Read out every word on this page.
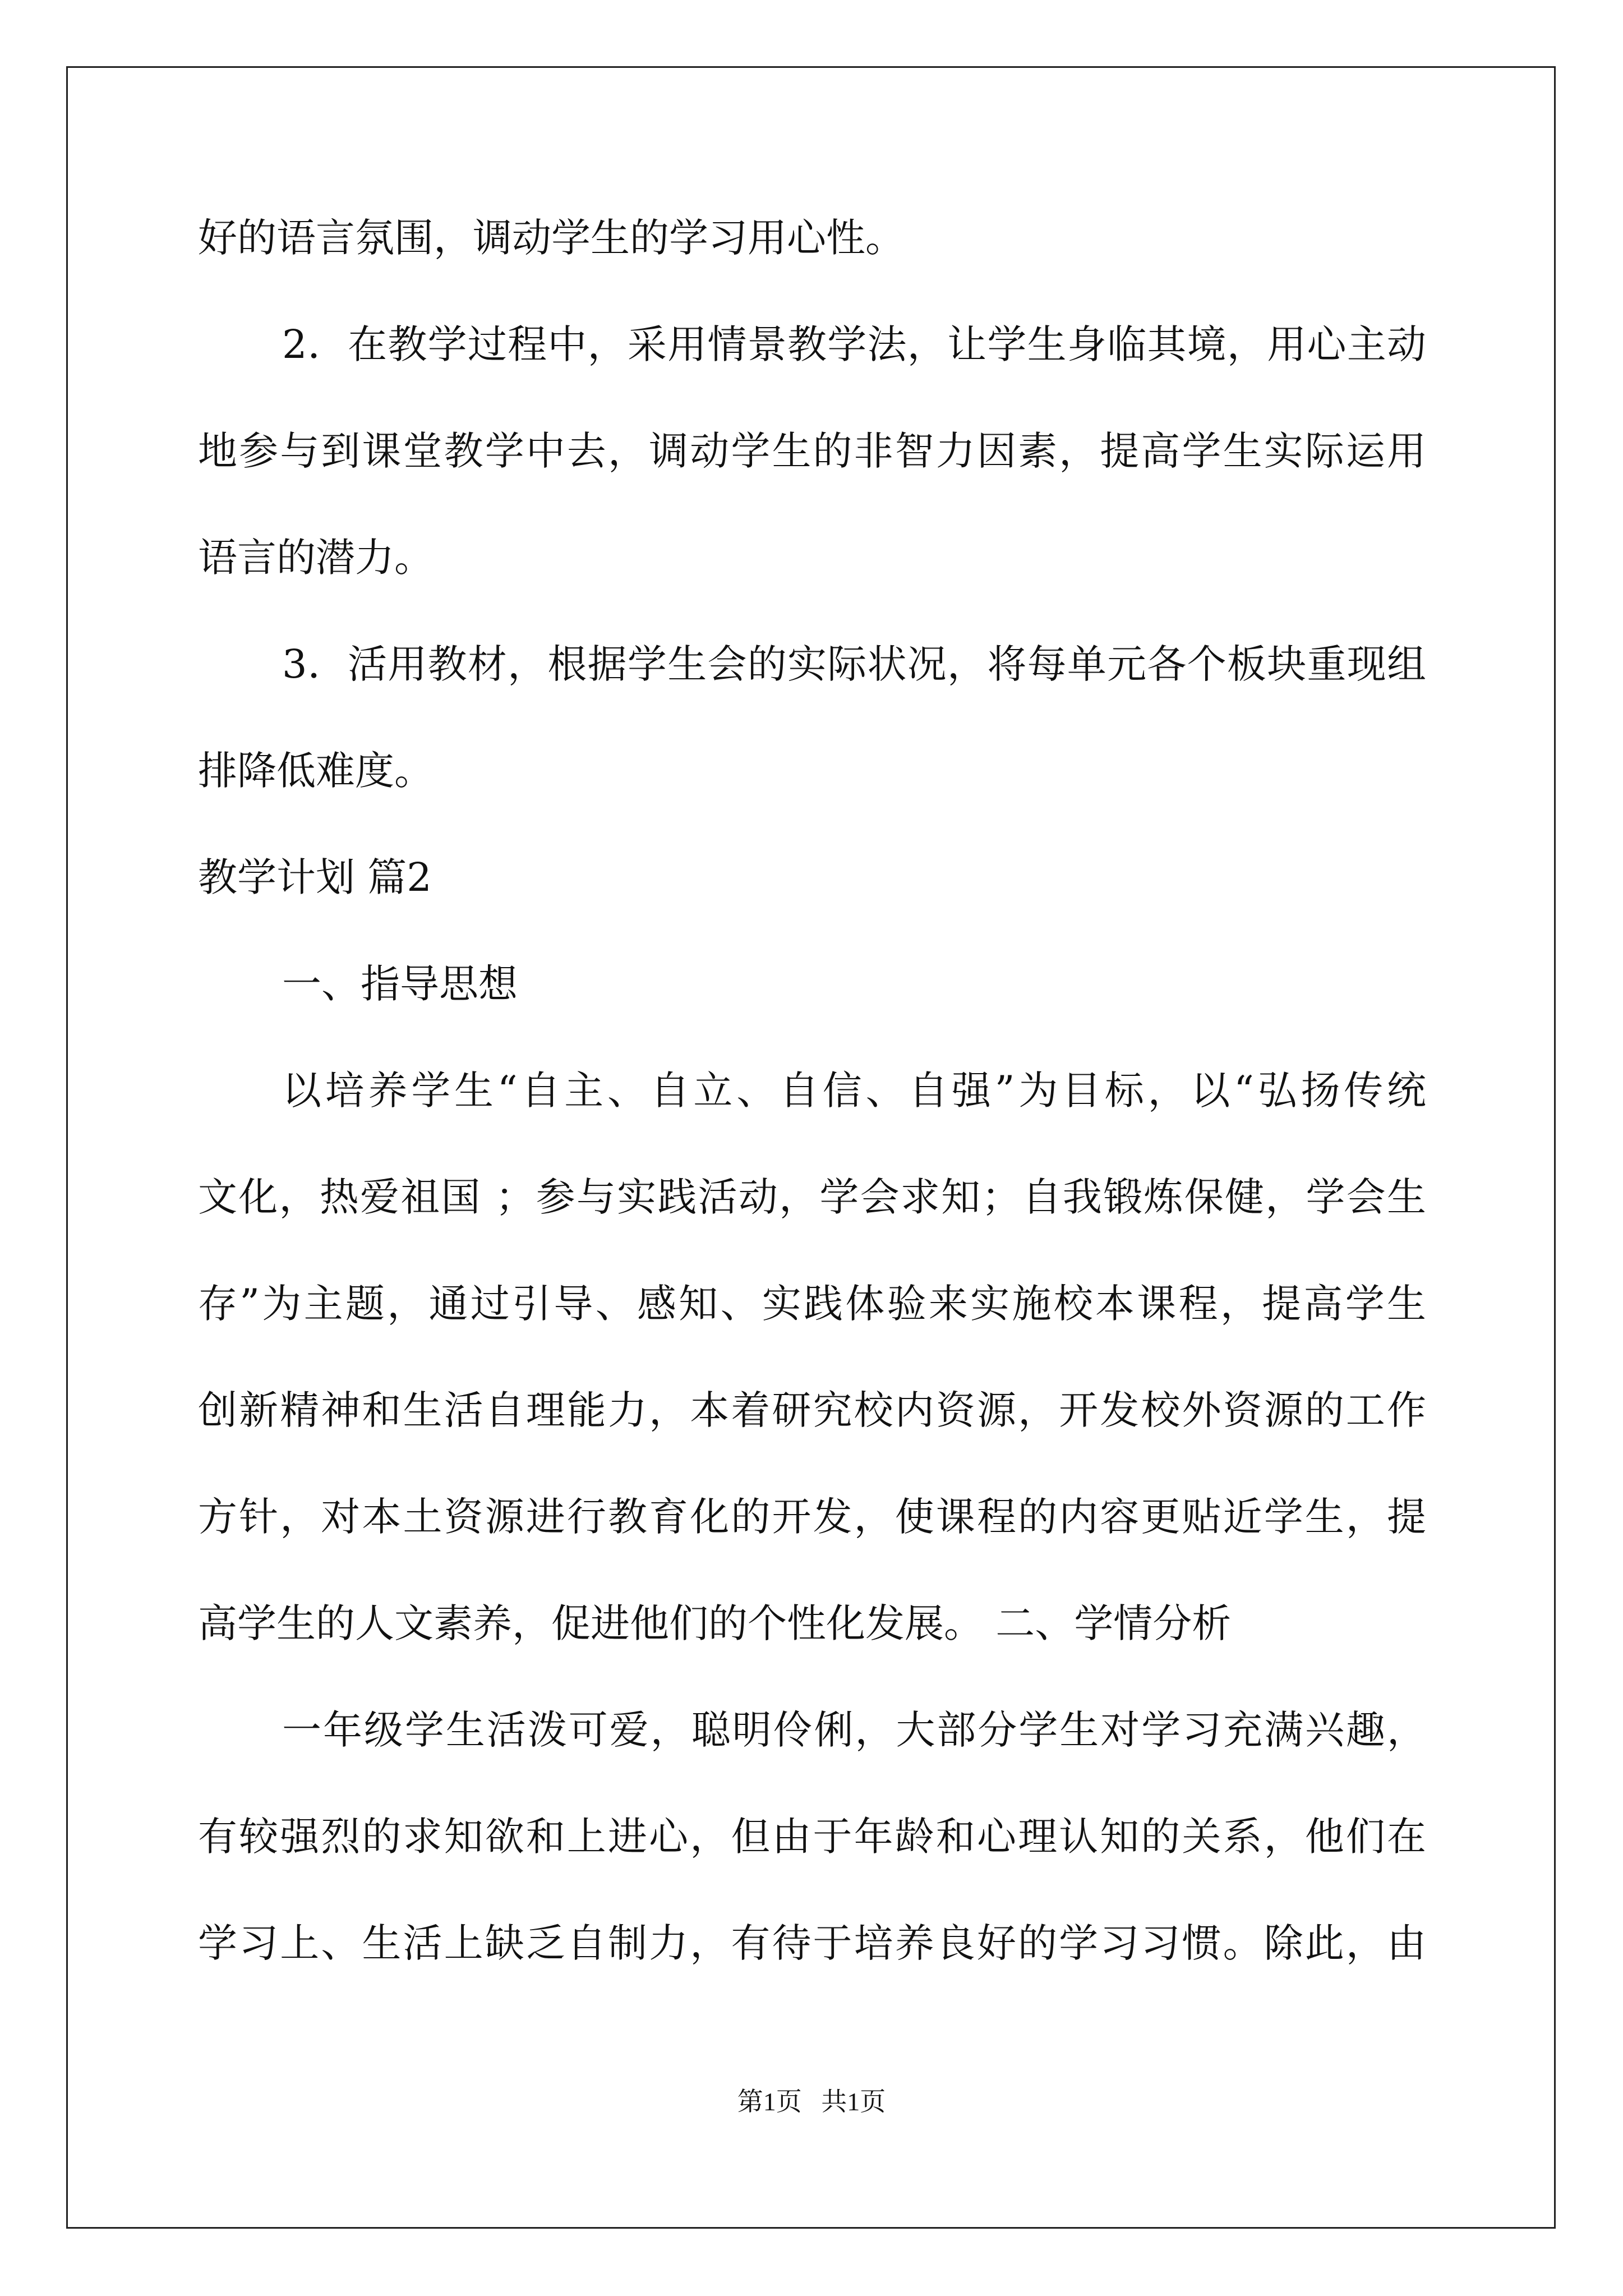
好的语言氛围，调动学生的学习用心性。
2．在教学过程中，采用情景教学法，让学生身临其境，用心主动
地参与到课堂教学中去，调动学生的非智力因素，提高学生实际运用
语言的潜力。
3．活用教材，根据学生会的实际状况，将每单元各个板块重现组
排降低难度。
教学计划 篇2
一、指导思想
以培养学生“自主、自立、自信、自强”为目标，以“弘扬传统
文化，热爱祖国 ；参与实践活动，学会求知；自我锻炼保健，学会生
存”为主题，通过引导、感知、实践体验来实施校本课程，提高学生
创新精神和生活自理能力，本着研究校内资源，开发校外资源的工作
方针，对本土资源进行教育化的开发，使课程的内容更贴近学生，提
高学生的人文素养，促进他们的个性化发展。 二、学情分析
一年级学生活泼可爱，聪明伶俐，大部分学生对学习充满兴趣，
有较强烈的求知欲和上进心，但由于年龄和心理认知的关系，他们在
学习上、生活上缺乏自制力，有待于培养良好的学习习惯。除此，由
第1页   共1页
